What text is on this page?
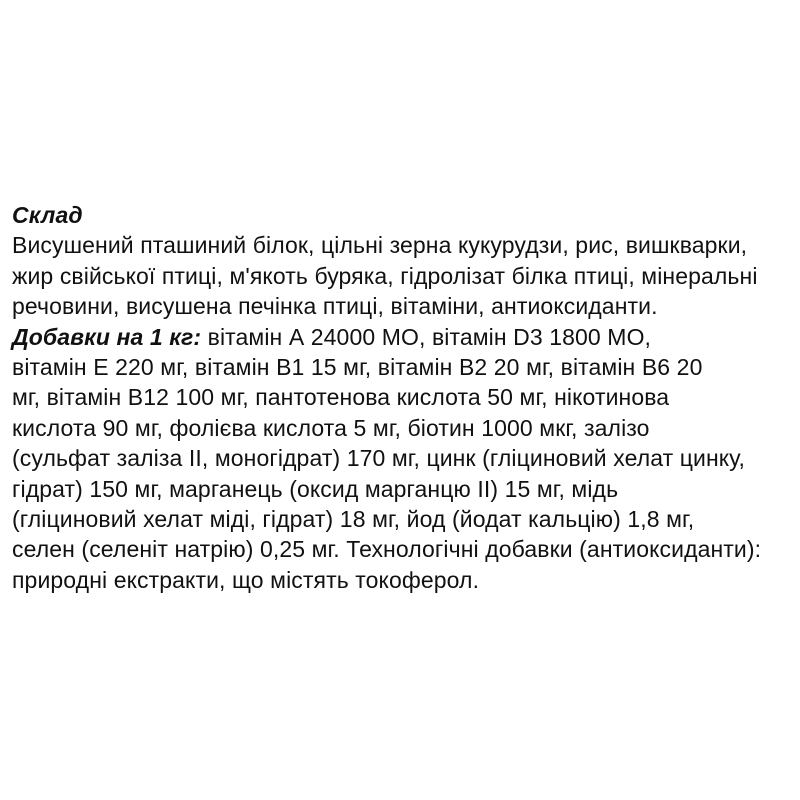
Склад
Висушений пташиний білок, цільні зерна кукурудзи, рис, вишкварки,
жир свійської птиці, м'якоть буряка, гідролізат білка птиці, мінеральні
речовини, висушена печінка птиці, вітаміни, антиоксиданти.
Добавки на 1 кг: вітамін А 24000 МО, вітамін D3 1800 МО,
вітамін Е 220 мг, вітамін В1 15 мг, вітамін В2 20 мг, вітамін В6 20
мг, вітамін В12 100 мг, пантотенова кислота 50 мг, нікотинова
кислота 90 мг, фолієва кислота 5 мг, біотин 1000 мкг, залізо
(сульфат заліза ІІ, моногідрат) 170 мг, цинк (гліциновий хелат цинку,
гідрат) 150 мг, марганець (оксид марганцю ІІ) 15 мг, мідь
(гліциновий хелат міді, гідрат) 18 мг, йод (йодат кальцію) 1,8 мг,
селен (селеніт натрію) 0,25 мг. Технологічні добавки (антиоксиданти):
природні екстракти, що містять токоферол.
